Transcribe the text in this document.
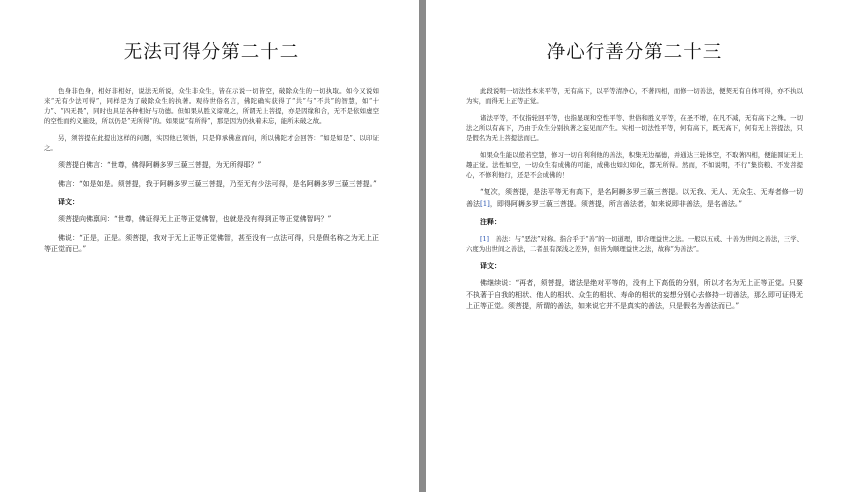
无法可得分第二十二

色身非色身，相好非相好，说法无所说，众生非众生，皆在示说一切皆空，破除众生的一切执取。如今又说如来“无有少法可得”，同样是为了破除众生的执著。观待世俗名言，佛陀确实获得了“共”与“不共”的智慧，如“十力”、“四无畏”，同时也具足各种相好与功德。但如果从胜义谛观之，所谓无上菩提，亦是因缘和合，无不是依如虚空的空性而约义施设，所以仍是“无所得”的。如果说“有所得”，那是因为仍执着未忘，能所未破之故。

另，须菩提在此提出这样的问题，实因他已领悟，只是仰承佛意而问，所以佛陀才会回答：“如是如是”、以印证之。

须菩提白佛言：“世尊，佛得阿耨多罗三藐三菩提，为无所得耶？”

佛言：“如是如是。须菩提，我于阿耨多罗三藐三菩提，乃至无有少法可得，是名阿耨多罗三藐三菩提。”

译文：

须菩提向佛禀问：“世尊，佛证得无上正等正觉佛智，也就是没有得到正等正觉佛智吗？”

佛说：“正是，正是。须菩提，我对于无上正等正觉佛智，甚至没有一点法可得，只是假名称之为无上正等正觉而已。”

净心行善分第二十三

此段说明一切法性本来平等，无有高下，以平等清净心，不著四相，而修一切善法，便契无有自体可得，亦不执以为实，而得无上正等正觉。

诸法平等，不仅指轮回平等，也指显现和空性平等、世俗和胜义平等，在圣不增，在凡不减，无有高下之殊。一切法之所以有高下，乃由于众生分别执著之妄见而产生。实相一切法性平等，何有高下，既无高下，何有无上菩提法，只是假名为无上菩提法而已。

如果众生能以般若空慧，修习一切自利利他的善法，积集无边福德，并通达三轮体空，不取著四相，便能圆证无上趣正觉。法性如空，一切众生有成佛的可能，成佛也如幻如化，都无所得。然而，不如说明，不行“集资粮、不发菩提心，不修利他行，还是不会成佛的！

“复次，须菩提，是法平等无有高下，是名阿耨多罗三藐三菩提。以无我、无人、无众生、无寿者修一切善法[1]，即得阿耨多罗三藐三菩提。须菩提，所言善法者，如来说即非善法，是名善法。”

注释：

[1]　 善法：与“恶法”对称。指合乎于“善”的一切道理，即合理益世之法。一般以五戒、十善为世间之善法，三学、六度为出世间之善法，二者虽有深浅之差异，但皆为顺理益世之法，故称“为善法”。

译文：

佛继续说：“再者，须菩提，诸法是绝对平等的，没有上下高低的分别，所以才名为无上正等正觉。只要不执著于自我的相状、他人的相状、众生的相状、寿命的相状的妄想分别心去修持一切善法，那么即可证得无上正等正觉。须菩提，所谓的善法，如来说它并不是真实的善法，只是假名为善法而已。”
